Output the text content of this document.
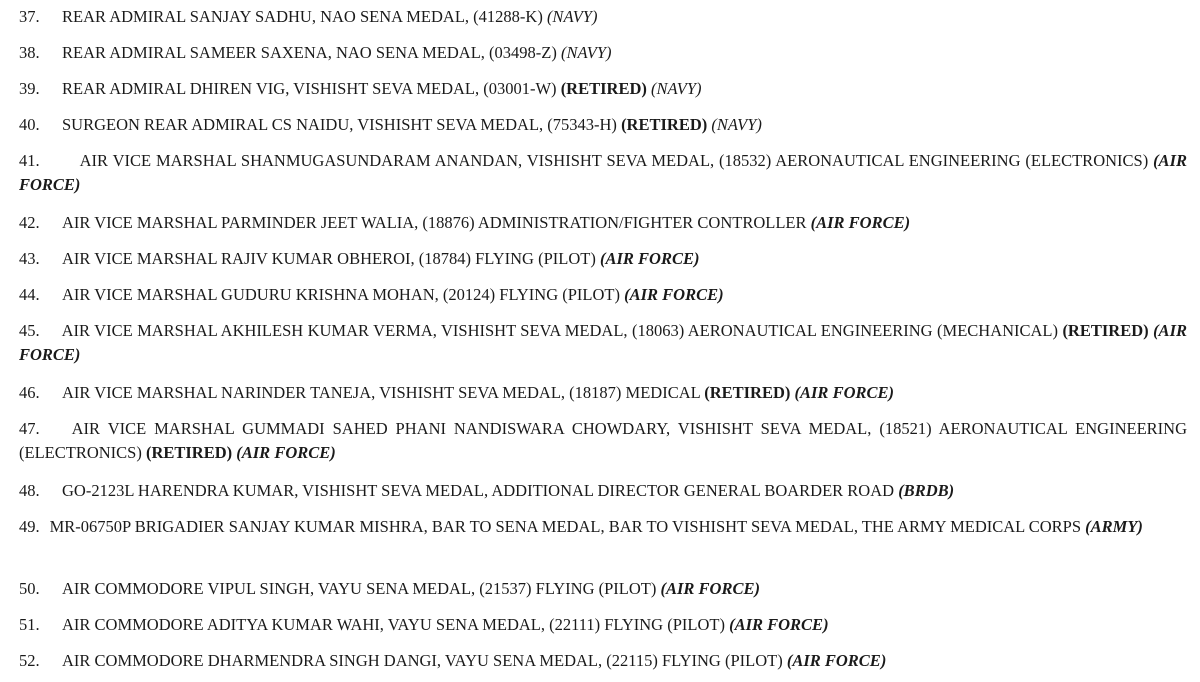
37. REAR ADMIRAL SANJAY SADHU, NAO SENA MEDAL, (41288-K) (NAVY)
38. REAR ADMIRAL SAMEER SAXENA, NAO SENA MEDAL, (03498-Z) (NAVY)
39. REAR ADMIRAL DHIREN VIG, VISHISHT SEVA MEDAL, (03001-W) (RETIRED) (NAVY)
40. SURGEON REAR ADMIRAL CS NAIDU, VISHISHT SEVA MEDAL, (75343-H) (RETIRED) (NAVY)
41. AIR VICE MARSHAL SHANMUGASUNDARAM ANANDAN, VISHISHT SEVA MEDAL, (18532) AERONAUTICAL ENGINEERING (ELECTRONICS) (AIR FORCE)
42. AIR VICE MARSHAL PARMINDER JEET WALIA, (18876) ADMINISTRATION/FIGHTER CONTROLLER (AIR FORCE)
43. AIR VICE MARSHAL RAJIV KUMAR OBHEROI, (18784) FLYING (PILOT) (AIR FORCE)
44. AIR VICE MARSHAL GUDURU KRISHNA MOHAN, (20124) FLYING (PILOT) (AIR FORCE)
45. AIR VICE MARSHAL AKHILESH KUMAR VERMA, VISHISHT SEVA MEDAL, (18063) AERONAUTICAL ENGINEERING (MECHANICAL) (RETIRED) (AIR FORCE)
46. AIR VICE MARSHAL NARINDER TANEJA, VISHISHT SEVA MEDAL, (18187) MEDICAL (RETIRED) (AIR FORCE)
47. AIR VICE MARSHAL GUMMADI SAHED PHANI NANDISWARA CHOWDARY, VISHISHT SEVA MEDAL, (18521) AERONAUTICAL ENGINEERING (ELECTRONICS) (RETIRED) (AIR FORCE)
48. GO-2123L HARENDRA KUMAR, VISHISHT SEVA MEDAL, ADDITIONAL DIRECTOR GENERAL BOARDER ROAD (BRDB)
49. MR-06750P BRIGADIER SANJAY KUMAR MISHRA, BAR TO SENA MEDAL, BAR TO VISHISHT SEVA MEDAL, THE ARMY MEDICAL CORPS (ARMY)
50. AIR COMMODORE VIPUL SINGH, VAYU SENA MEDAL, (21537) FLYING (PILOT) (AIR FORCE)
51. AIR COMMODORE ADITYA KUMAR WAHI, VAYU SENA MEDAL, (22111) FLYING (PILOT) (AIR FORCE)
52. AIR COMMODORE DHARMENDRA SINGH DANGI, VAYU SENA MEDAL, (22115) FLYING (PILOT) (AIR FORCE)
